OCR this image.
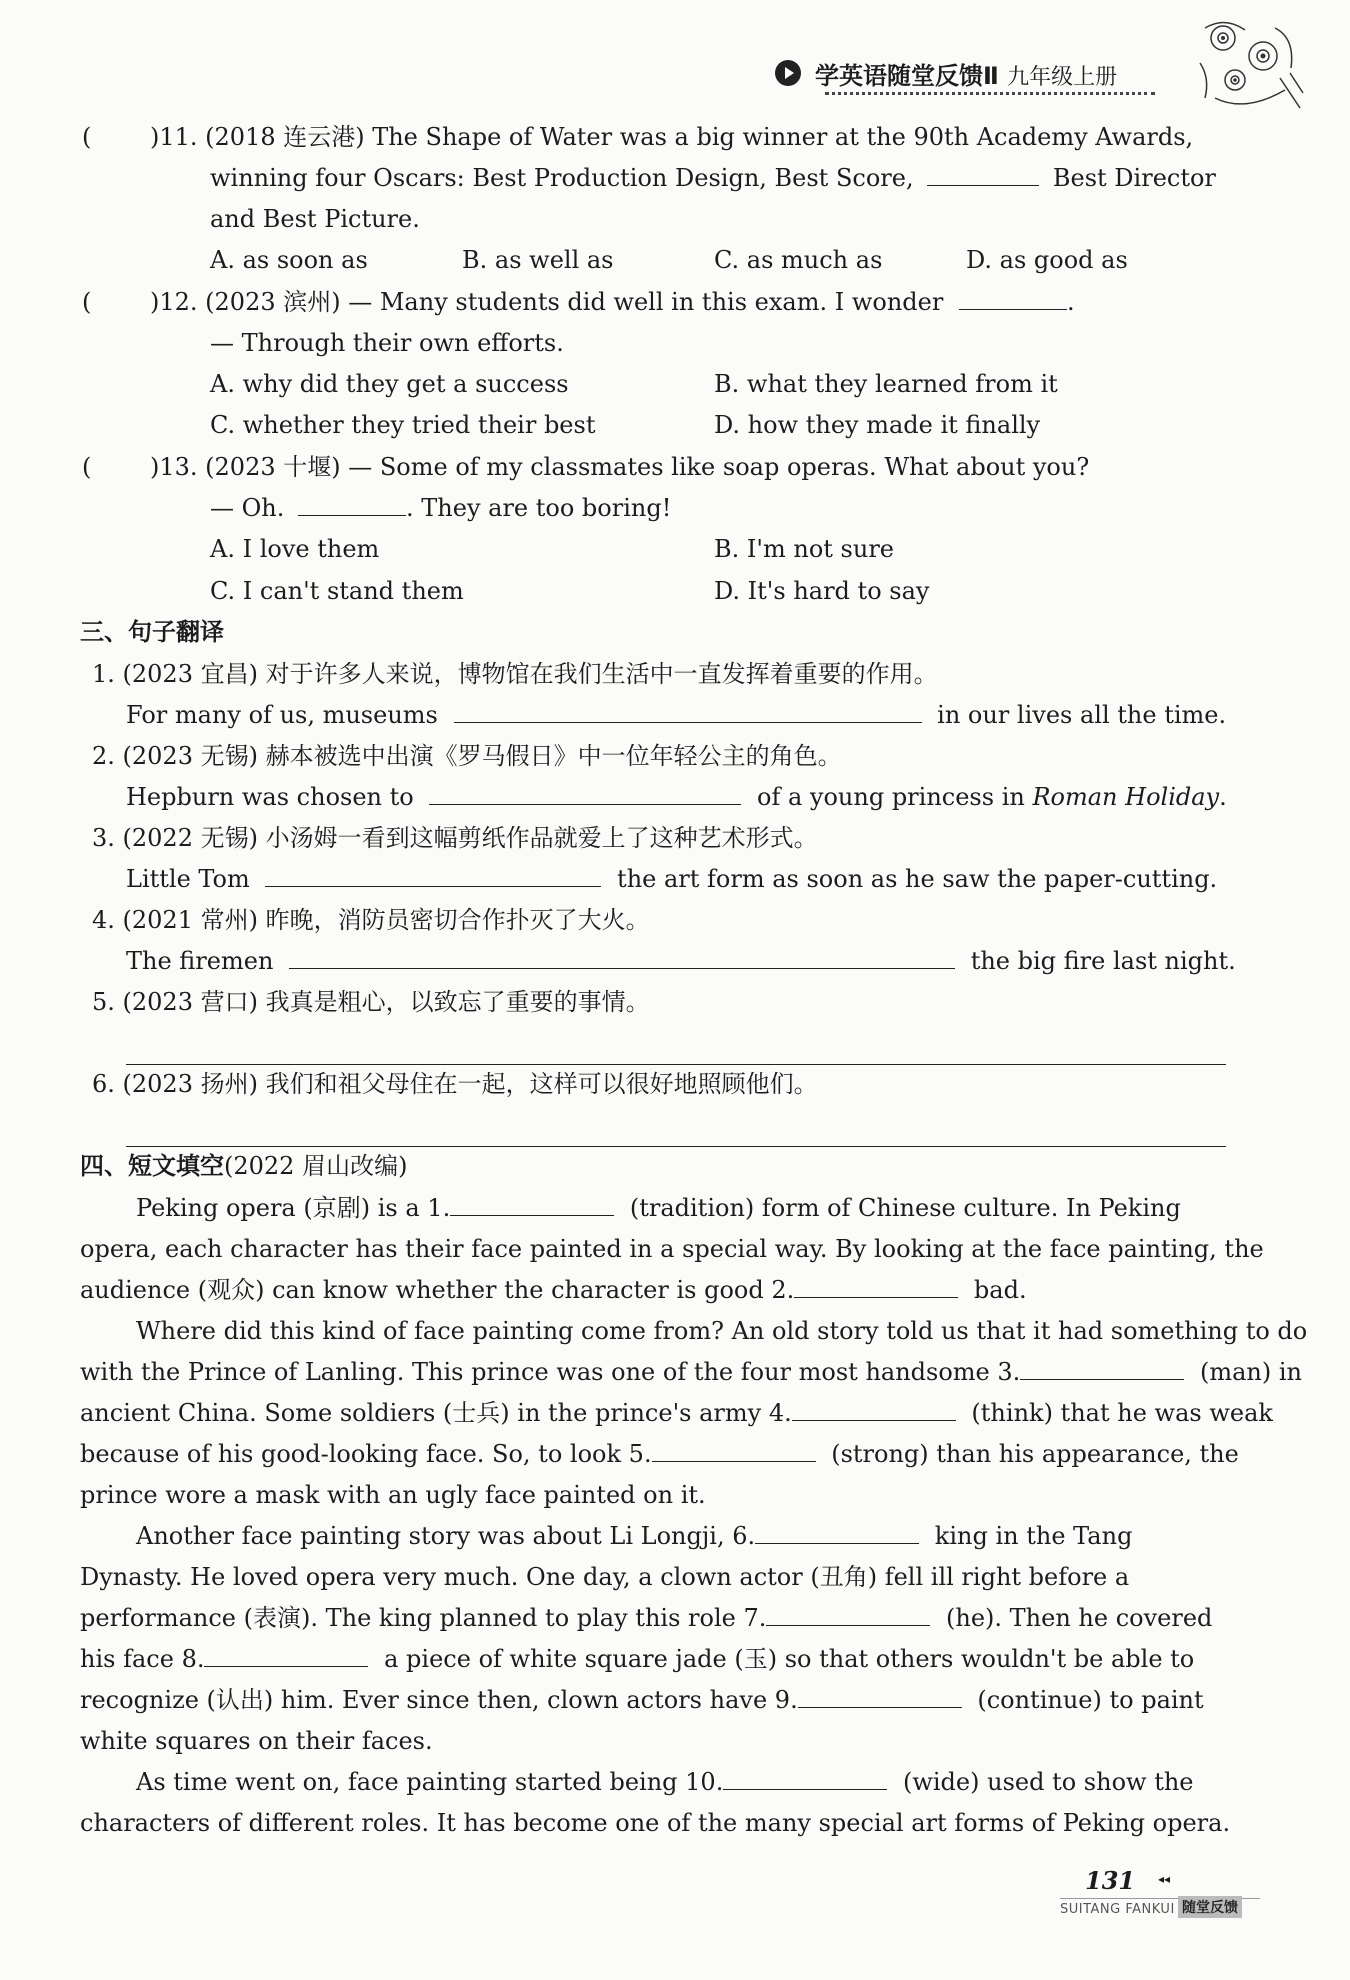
学英语随堂反馈Ⅱ 九年级上册
( )11. (2018 连云港) The Shape of Water was a big winner at the 90th Academy Awards,
winning four Oscars: Best Production Design, Best Score,	Best Director
and Best Picture.
A. as soon as	B. as well as	C. as much as	D. as good as
( )12. (2023 滨州) — Many students did well in this exam. I wonder	.
— Through their own efforts.
A. why did they get a success	B. what they learned from it
C. whether they tried their best	D. how they made it finally
( )13. (2023 十堰) — Some of my classmates like soap operas. What about you?
— Oh.	. They are too boring!
A. I love them	B. I'm not sure
C. I can't stand them	D. It's hard to say
三、句子翻译
1. (2023 宜昌) 对于许多人来说，博物馆在我们生活中一直发挥着重要的作用。
For many of us, museums	in our lives all the time.
2. (2023 无锡) 赫本被选中出演《罗马假日》中一位年轻公主的角色。
Hepburn was chosen to	of a young princess in Roman Holiday.
3. (2022 无锡) 小汤姆一看到这幅剪纸作品就爱上了这种艺术形式。
Little Tom	the art form as soon as he saw the paper-cutting.
4. (2021 常州) 昨晚，消防员密切合作扑灭了大火。
The firemen	the big fire last night.
5. (2023 营口) 我真是粗心，以致忘了重要的事情。
6. (2023 扬州) 我们和祖父母住在一起，这样可以很好地照顾他们。
四、短文填空(2022 眉山改编)
Peking opera (京剧) is a 1.	(tradition) form of Chinese culture. In Peking
opera, each character has their face painted in a special way. By looking at the face painting, the
audience (观众) can know whether the character is good 2.	bad.
Where did this kind of face painting come from? An old story told us that it had something to do
with the Prince of Lanling. This prince was one of the four most handsome 3.	(man) in
ancient China. Some soldiers (士兵) in the prince's army 4.	(think) that he was weak
because of his good-looking face. So, to look 5.	(strong) than his appearance, the
prince wore a mask with an ugly face painted on it.
Another face painting story was about Li Longji, 6.	king in the Tang
Dynasty. He loved opera very much. One day, a clown actor (丑角) fell ill right before a
performance (表演). The king planned to play this role 7.	(he). Then he covered
his face 8.	a piece of white square jade (玉) so that others wouldn't be able to
recognize (认出) him. Ever since then, clown actors have 9.	(continue) to paint
white squares on their faces.
As time went on, face painting started being 10.	(wide) used to show the
characters of different roles. It has become one of the many special art forms of Peking opera.
131 ◂◂
SUITANG FANKUI 随堂反馈
